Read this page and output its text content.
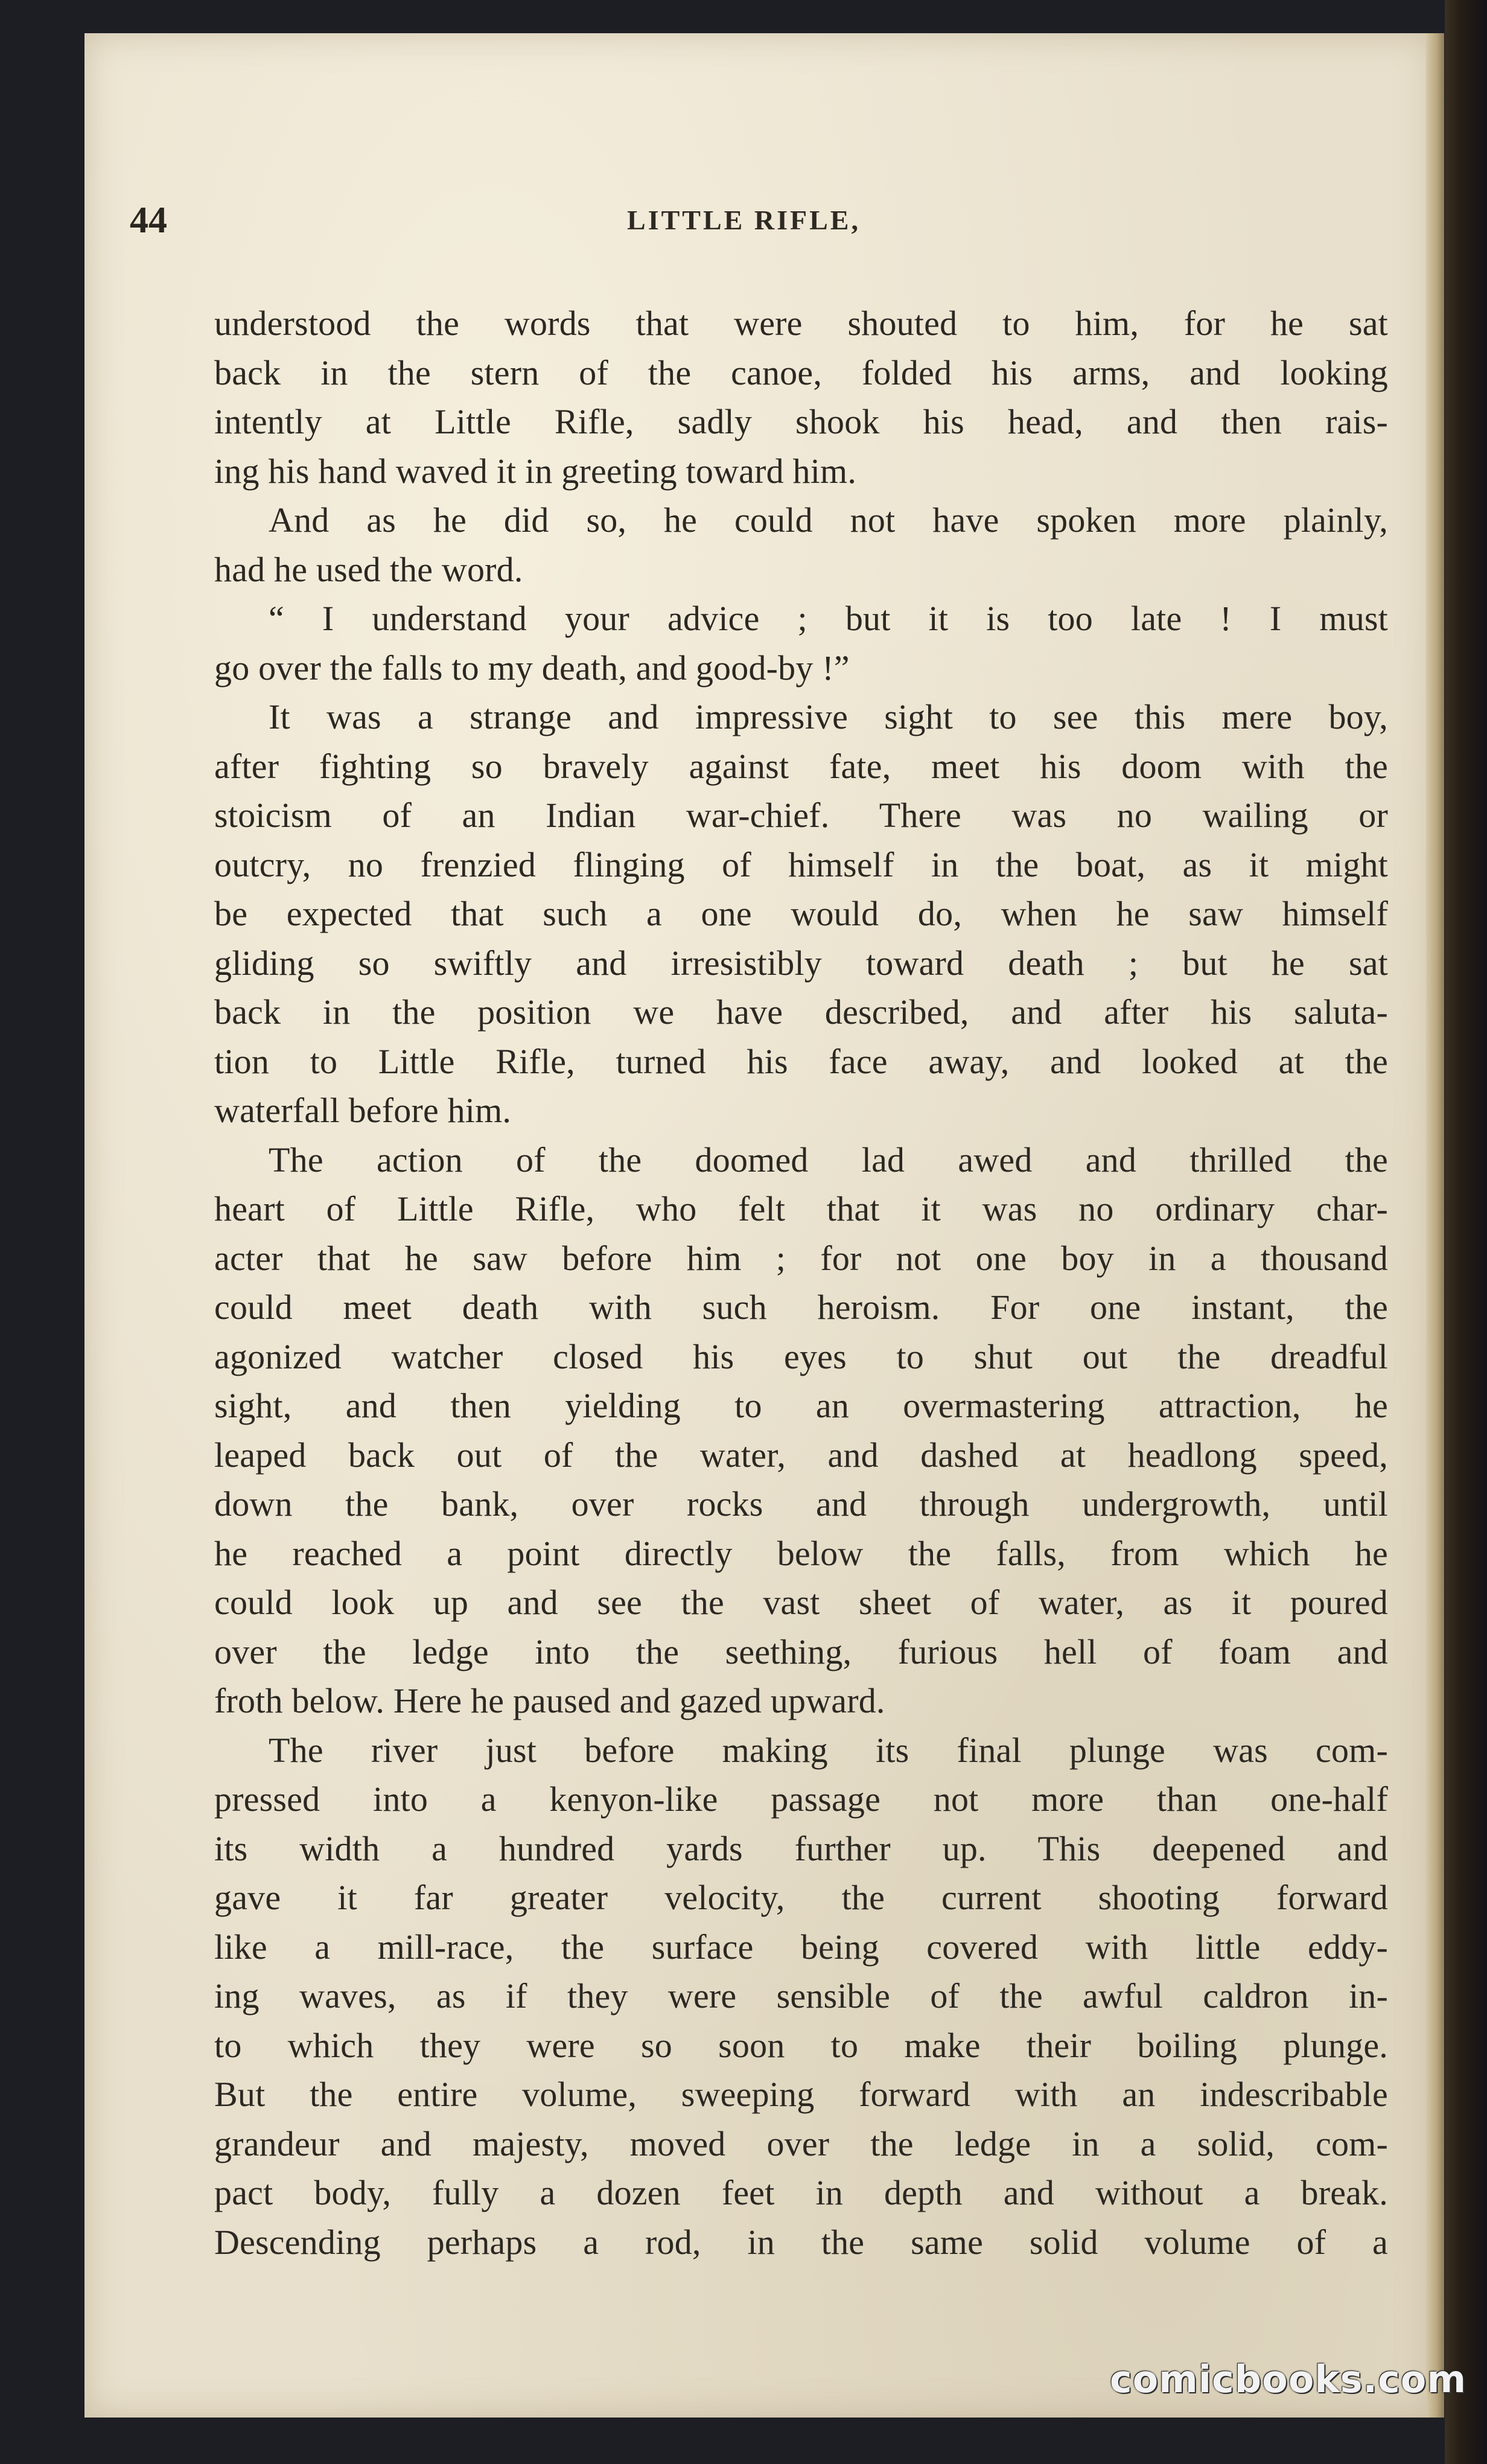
44	LITTLE RIFLE,
understood the words that were shouted to him, for he sat
back in the stern of the canoe, folded his arms, and looking
intently at Little Rifle, sadly shook his head, and then rais-
ing his hand waved it in greeting toward him.
And as he did so, he could not have spoken more plainly,
had he used the word.
“ I understand your advice ; but it is too late ! I must
go over the falls to my death, and good-by !”
It was a strange and impressive sight to see this mere boy,
after fighting so bravely against fate, meet his doom with the
stoicism of an Indian war-chief. There was no wailing or
outcry, no frenzied flinging of himself in the boat, as it might
be expected that such a one would do, when he saw himself
gliding so swiftly and irresistibly toward death ; but he sat
back in the position we have described, and after his saluta-
tion to Little Rifle, turned his face away, and looked at the
waterfall before him.
The action of the doomed lad awed and thrilled the
heart of Little Rifle, who felt that it was no ordinary char-
acter that he saw before him ; for not one boy in a thousand
could meet death with such heroism. For one instant, the
agonized watcher closed his eyes to shut out the dreadful
sight, and then yielding to an overmastering attraction, he
leaped back out of the water, and dashed at headlong speed,
down the bank, over rocks and through undergrowth, until
he reached a point directly below the falls, from which he
could look up and see the vast sheet of water, as it poured
over the ledge into the seething, furious hell of foam and
froth below. Here he paused and gazed upward.
The river just before making its final plunge was com-
pressed into a kenyon-like passage not more than one-half
its width a hundred yards further up. This deepened and
gave it far greater velocity, the current shooting forward
like a mill-race, the surface being covered with little eddy-
ing waves, as if they were sensible of the awful caldron in-
to which they were so soon to make their boiling plunge.
But the entire volume, sweeping forward with an indescribable
grandeur and majesty, moved over the ledge in a solid, com-
pact body, fully a dozen feet in depth and without a break.
Descending perhaps a rod, in the same solid volume of a
comicbooks.com
